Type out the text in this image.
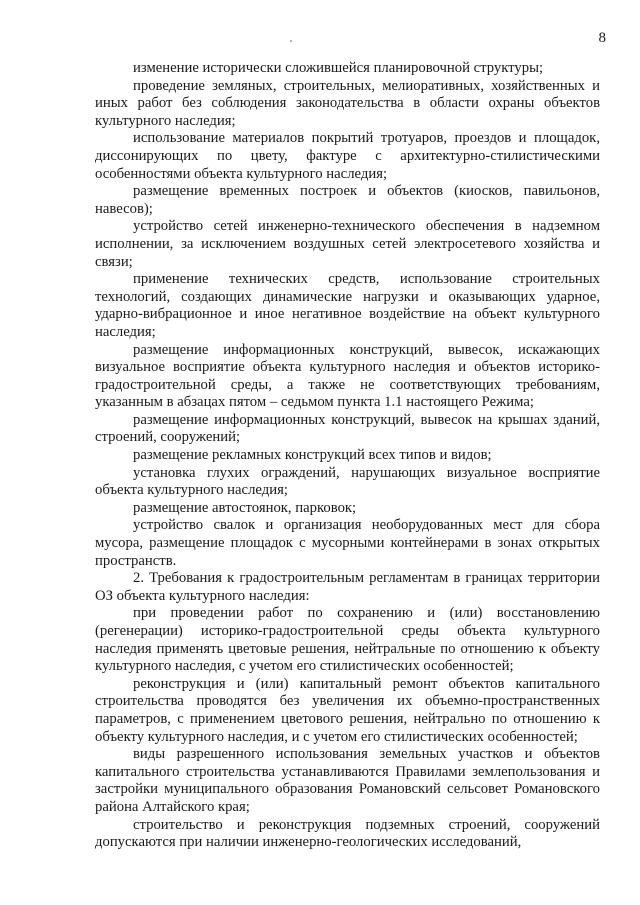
8

изменение исторически сложившейся планировочной структуры;

проведение земляных, строительных, мелиоративных, хозяйственных и иных работ без соблюдения законодательства в области охраны объектов культурного наследия;

использование материалов покрытий тротуаров, проездов и площадок, диссонирующих по цвету, фактуре с архитектурно-стилистическими особенностями объекта культурного наследия;

размещение временных построек и объектов (киосков, павильонов, навесов);

устройство сетей инженерно-технического обеспечения в надземном исполнении, за исключением воздушных сетей электросетевого хозяйства и связи;

применение технических средств, использование строительных технологий, создающих динамические нагрузки и оказывающих ударное, ударно-вибрационное и иное негативное воздействие на объект культурного наследия;

размещение информационных конструкций, вывесок, искажающих визуальное восприятие объекта культурного наследия и объектов историко-градостроительной среды, а также не соответствующих требованиям, указанным в абзацах пятом – седьмом пункта 1.1 настоящего Режима;

размещение информационных конструкций, вывесок на крышах зданий, строений, сооружений;

размещение рекламных конструкций всех типов и видов;

установка глухих ограждений, нарушающих визуальное восприятие объекта культурного наследия;

размещение автостоянок, парковок;

устройство свалок и организация необорудованных мест для сбора мусора, размещение площадок с мусорными контейнерами в зонах открытых пространств.

2. Требования к градостроительным регламентам в границах территории ОЗ объекта культурного наследия:

при проведении работ по сохранению и (или) восстановлению (регенерации) историко-градостроительной среды объекта культурного наследия применять цветовые решения, нейтральные по отношению к объекту культурного наследия, с учетом его стилистических особенностей;

реконструкция и (или) капитальный ремонт объектов капитального строительства проводятся без увеличения их объемно-пространственных параметров, с применением цветового решения, нейтрально по отношению к объекту культурного наследия, и с учетом его стилистических особенностей;

виды разрешенного использования земельных участков и объектов капитального строительства устанавливаются Правилами землепользования и застройки муниципального образования Романовский сельсовет Романовского района Алтайского края;

строительство и реконструкция подземных строений, сооружений допускаются при наличии инженерно-геологических исследований,
